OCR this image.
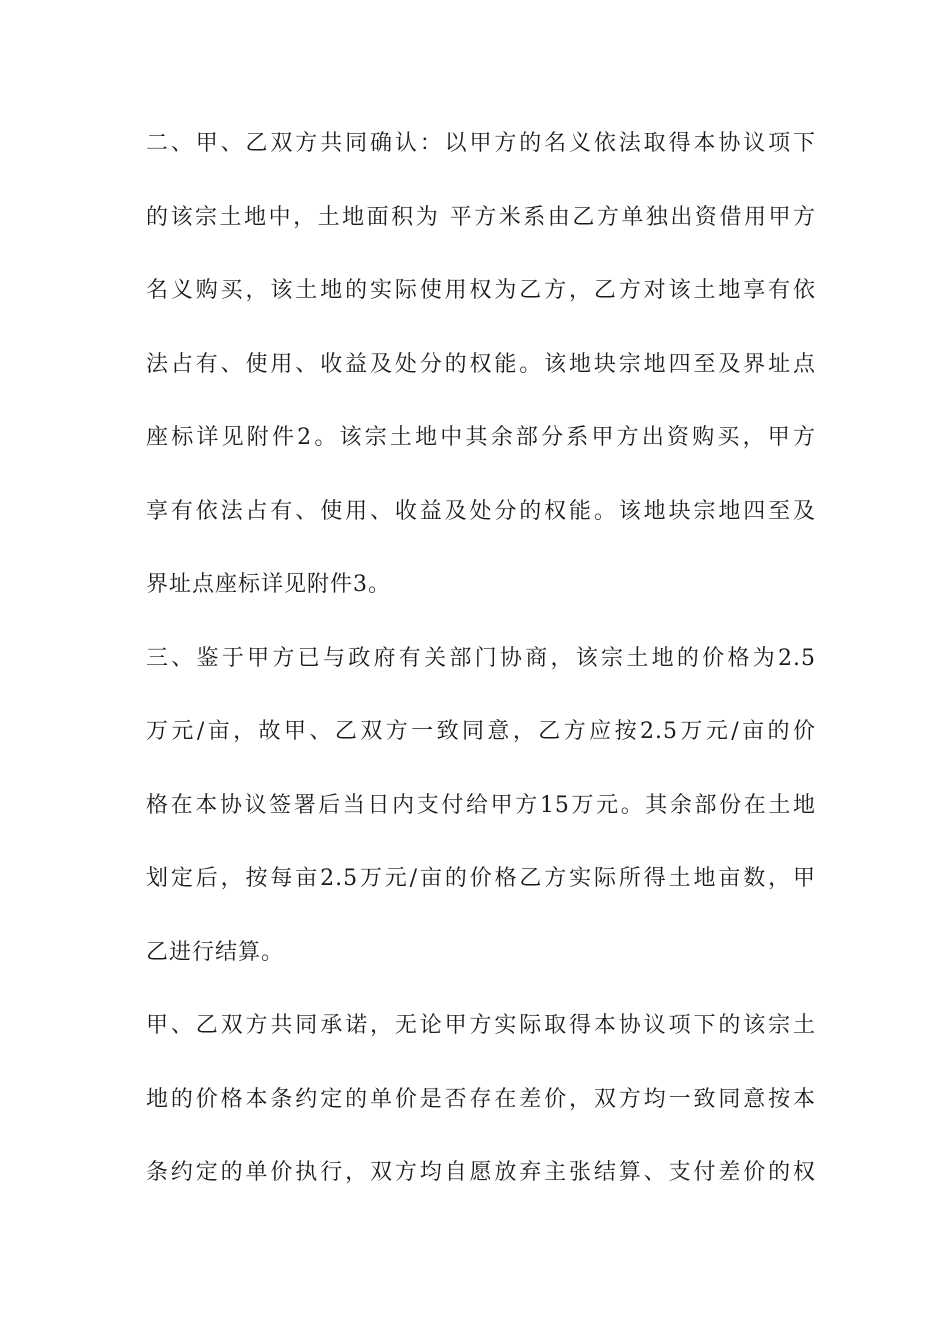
二、甲、乙双方共同确认：以甲方的名义依法取得本协议项下
的该宗土地中，土地面积为 平方米系由乙方单独出资借用甲方
名义购买，该土地的实际使用权为乙方，乙方对该土地享有依
法占有、使用、收益及处分的权能。该地块宗地四至及界址点
座标详见附件2。该宗土地中其余部分系甲方出资购买，甲方
享有依法占有、使用、收益及处分的权能。该地块宗地四至及
界址点座标详见附件3。
三、鉴于甲方已与政府有关部门协商，该宗土地的价格为2.5
万元/亩，故甲、乙双方一致同意，乙方应按2.5万元/亩的价
格在本协议签署后当日内支付给甲方15万元。其余部份在土地
划定后，按每亩2.5万元/亩的价格乙方实际所得土地亩数，甲
乙进行结算。
甲、乙双方共同承诺，无论甲方实际取得本协议项下的该宗土
地的价格本条约定的单价是否存在差价，双方均一致同意按本
条约定的单价执行，双方均自愿放弃主张结算、支付差价的权
